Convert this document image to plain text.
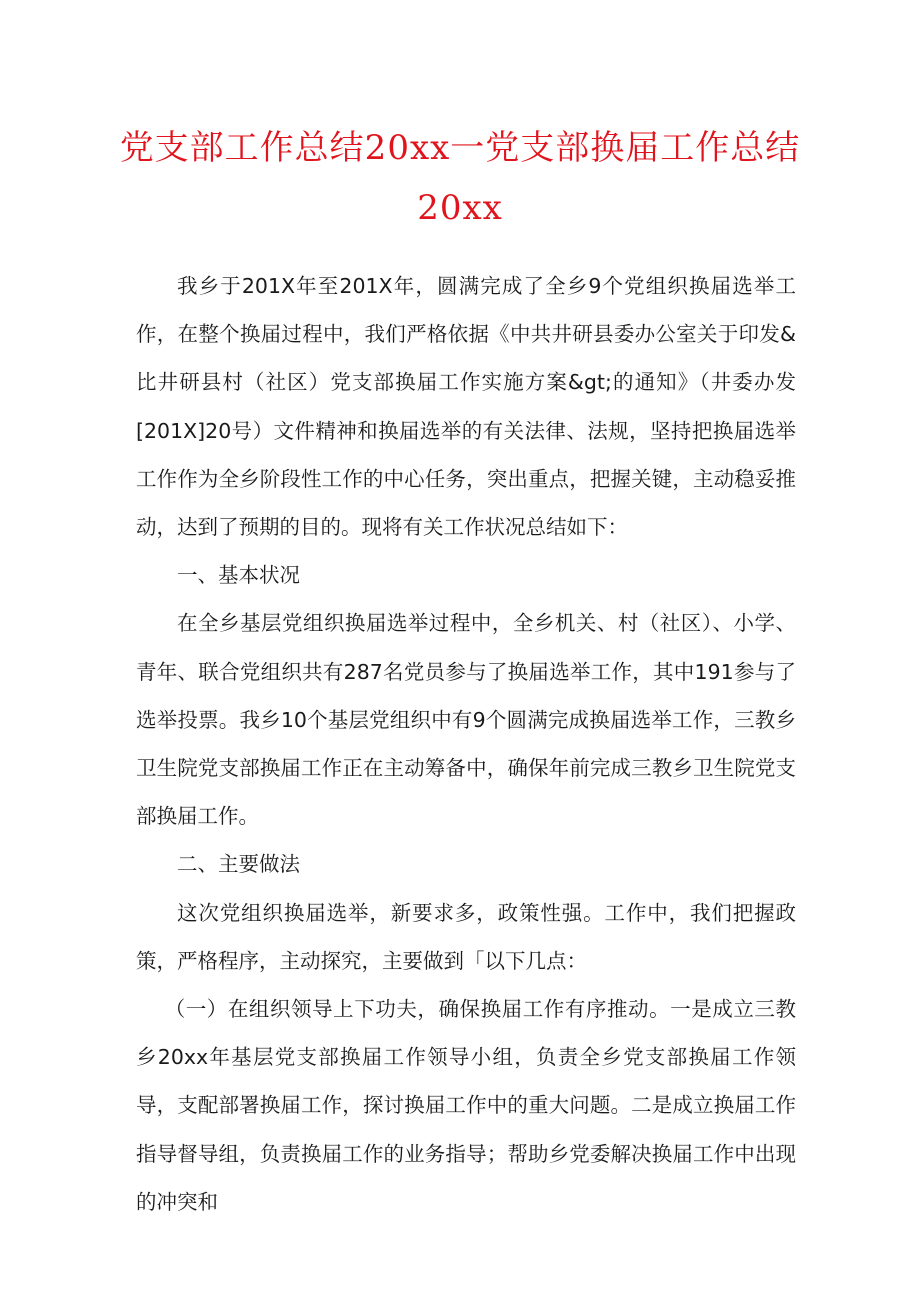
党支部工作总结20xx一党支部换届工作总结20xx

我乡于201X年至201X年，圆满完成了全乡9个党组织换届选举工作，在整个换届过程中，我们严格依据《中共井研县委办公室关于印发&比井研县村（社区）党支部换届工作实施方案&gt;的通知》（井委办发[201X]20号）文件精神和换届选举的有关法律、法规，坚持把换届选举工作作为全乡阶段性工作的中心任务，突出重点，把握关键，主动稳妥推动，达到了预期的目的。现将有关工作状况总结如下：

一、基本状况

在全乡基层党组织换届选举过程中，全乡机关、村（社区）、小学、青年、联合党组织共有287名党员参与了换届选举工作，其中191参与了选举投票。我乡10个基层党组织中有9个圆满完成换届选举工作，三教乡卫生院党支部换届工作正在主动筹备中，确保年前完成三教乡卫生院党支部换届工作。

二、主要做法

这次党组织换届选举，新要求多，政策性强。工作中，我们把握政策，严格程序，主动探究，主要做到「以下几点：

（一）在组织领导上下功夫，确保换届工作有序推动。一是成立三教乡20xx年基层党支部换届工作领导小组，负责全乡党支部换届工作领导，支配部署换届工作，探讨换届工作中的重大问题。二是成立换届工作指导督导组，负责换届工作的业务指导；帮助乡党委解决换届工作中出现的冲突和
